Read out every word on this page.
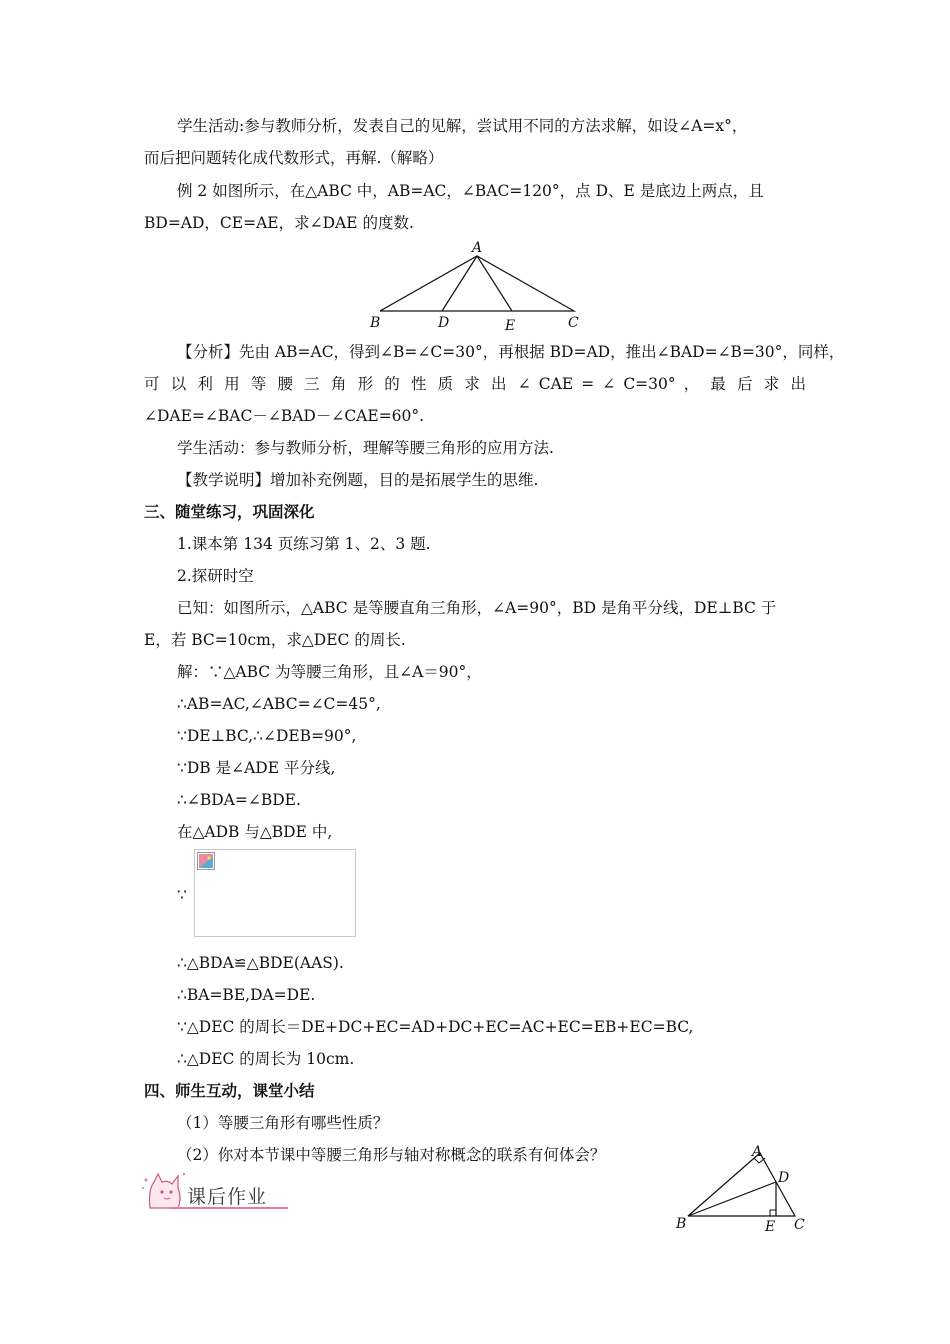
学生活动:参与教师分析，发表自己的见解，尝试用不同的方法求解，如设∠A=x°，
而后把问题转化成代数形式，再解.（解略）
例 2 如图所示，在△ABC 中，AB=AC，∠BAC=120°，点 D、E 是底边上两点，且
BD=AD，CE=AE，求∠DAE 的度数.
A
B	D	E	C
【分析】先由 AB=AC，得到∠B=∠C=30°，再根据 BD=AD，推出∠BAD=∠B=30°，同样，
可 以 利 用 等 腰 三 角 形 的 性 质 求 出 ∠ CAE = ∠ C=30° ， 最 后 求 出
∠DAE=∠BAC－∠BAD－∠CAE=60°.
学生活动：参与教师分析，理解等腰三角形的应用方法.
【教学说明】增加补充例题，目的是拓展学生的思维.
三、随堂练习，巩固深化
1.课本第 134 页练习第 1、2、3 题.
2.探研时空
已知：如图所示，△ABC 是等腰直角三角形，∠A=90°，BD 是角平分线，DE⊥BC 于
E，若 BC=10cm，求△DEC 的周长.
解：∵△ABC 为等腰三角形，且∠A＝90°，
∴AB=AC,∠ABC=∠C=45°,
∵DE⊥BC,∴∠DEB=90°,
∵DB 是∠ADE 平分线,
∴∠BDA=∠BDE.
在△ADB 与△BDE 中,
∵
∴△BDA≌△BDE(AAS).
∴BA=BE,DA=DE.
∵△DEC 的周长＝DE+DC+EC=AD+DC+EC=AC+EC=EB+EC=BC,
∴△DEC 的周长为 10cm.
四、师生互动，课堂小结
（1）等腰三角形有哪些性质？
（2）你对本节课中等腰三角形与轴对称概念的联系有何体会？
课后作业
A
D
B	E C
